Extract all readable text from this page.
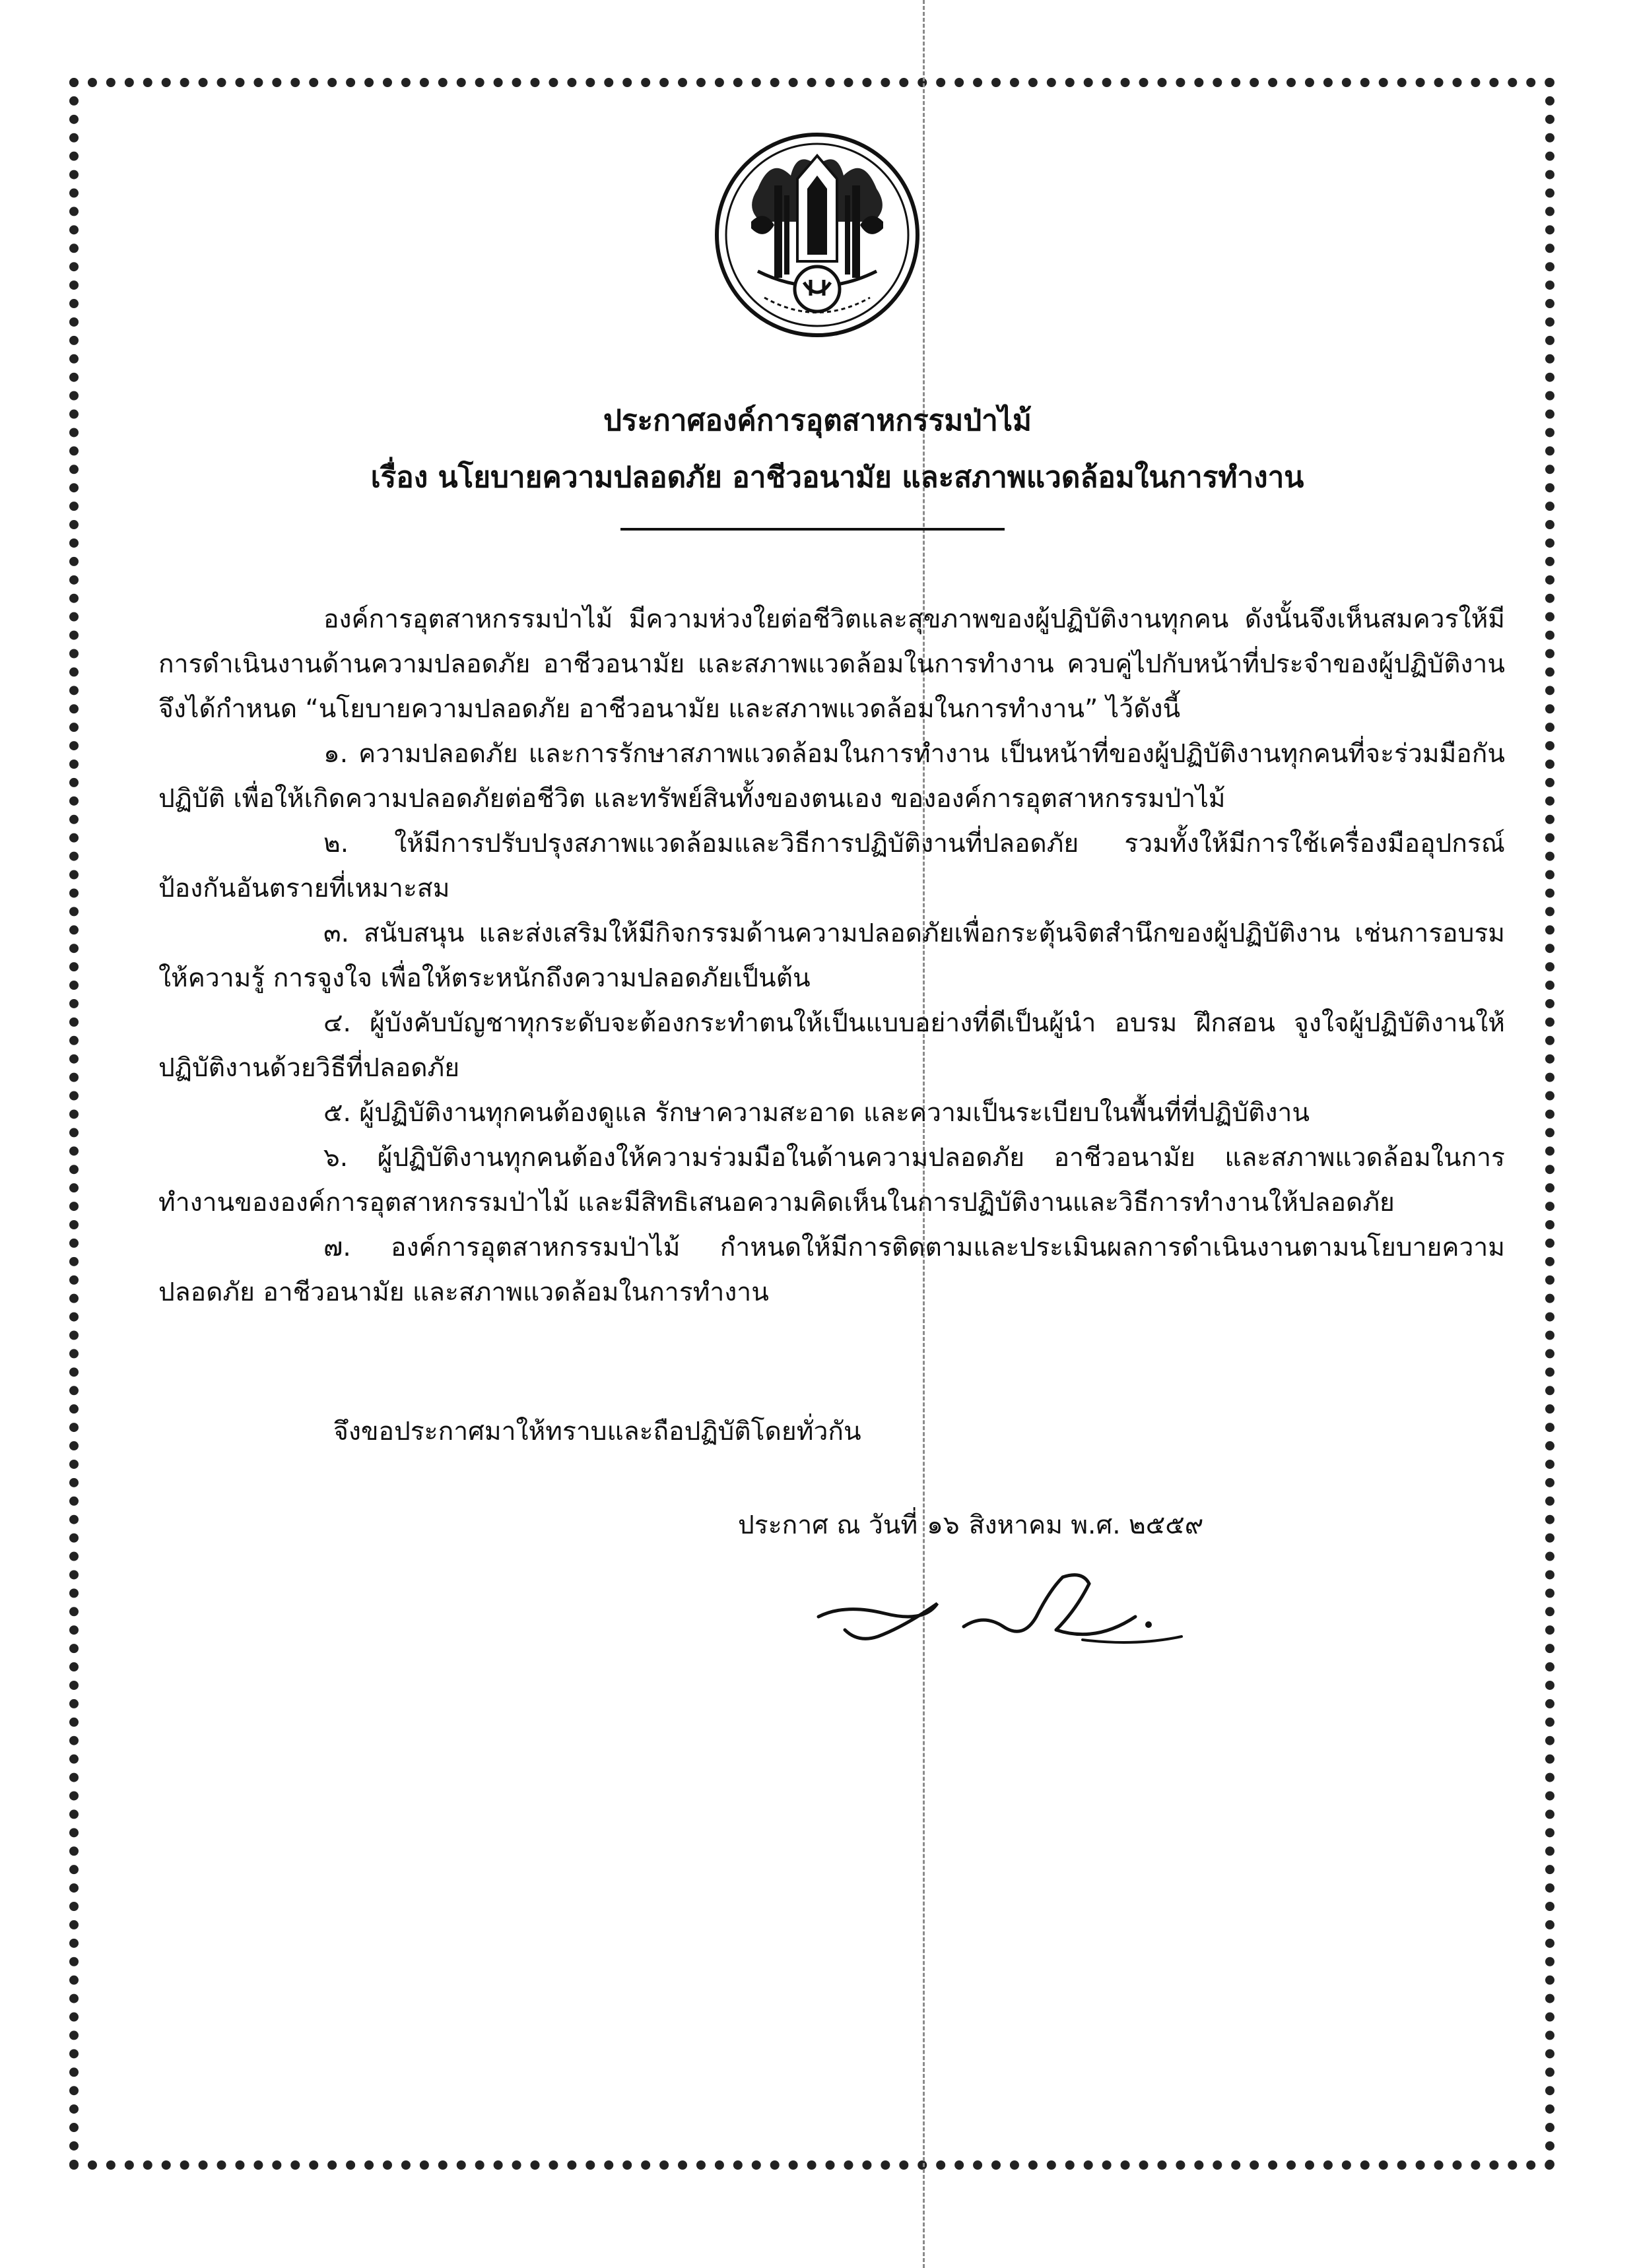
ประกาศองค์การอุตสาหกรรมป่าไม้
เรื่อง นโยบายความปลอดภัย อาชีวอนามัย และสภาพแวดล้อมในการทำงาน

องค์การอุตสาหกรรมป่าไม้ มีความห่วงใยต่อชีวิตและสุขภาพของผู้ปฏิบัติงานทุกคน ดังนั้นจึงเห็นสมควรให้มีการดำเนินงานด้านความปลอดภัย อาชีวอนามัย และสภาพแวดล้อมในการทำงาน ควบคู่ไปกับหน้าที่ประจำของผู้ปฏิบัติงานจึงได้กำหนด “นโยบายความปลอดภัย อาชีวอนามัย และสภาพแวดล้อมในการทำงาน” ไว้ดังนี้

๑. ความปลอดภัย และการรักษาสภาพแวดล้อมในการทำงาน เป็นหน้าที่ของผู้ปฏิบัติงานทุกคนที่จะร่วมมือกันปฏิบัติ เพื่อให้เกิดความปลอดภัยต่อชีวิต และทรัพย์สินทั้งของตนเอง ขององค์การอุตสาหกรรมป่าไม้

๒. ให้มีการปรับปรุงสภาพแวดล้อมและวิธีการปฏิบัติงานที่ปลอดภัย รวมทั้งให้มีการใช้เครื่องมืออุปกรณ์ป้องกันอันตรายที่เหมาะสม

๓. สนับสนุน และส่งเสริมให้มีกิจกรรมด้านความปลอดภัยเพื่อกระตุ้นจิตสำนึกของผู้ปฏิบัติงาน เช่นการอบรมให้ความรู้ การจูงใจ เพื่อให้ตระหนักถึงความปลอดภัยเป็นต้น

๔. ผู้บังคับบัญชาทุกระดับจะต้องกระทำตนให้เป็นแบบอย่างที่ดีเป็นผู้นำ อบรม ฝึกสอน จูงใจผู้ปฏิบัติงานให้ปฏิบัติงานด้วยวิธีที่ปลอดภัย

๕. ผู้ปฏิบัติงานทุกคนต้องดูแล รักษาความสะอาด และความเป็นระเบียบในพื้นที่ที่ปฏิบัติงาน

๖. ผู้ปฏิบัติงานทุกคนต้องให้ความร่วมมือในด้านความปลอดภัย อาชีวอนามัย และสภาพแวดล้อมในการทำงานขององค์การอุตสาหกรรมป่าไม้ และมีสิทธิเสนอความคิดเห็นในการปฏิบัติงานและวิธีการทำงานให้ปลอดภัย

๗. องค์การอุตสาหกรรมป่าไม้ กำหนดให้มีการติดตามและประเมินผลการดำเนินงานตามนโยบายความปลอดภัย อาชีวอนามัย และสภาพแวดล้อมในการทำงาน

จึงขอประกาศมาให้ทราบและถือปฏิบัติโดยทั่วกัน
ประกาศ ณ วันที่ ๑๖ สิงหาคม พ.ศ. ๒๕๕๙
